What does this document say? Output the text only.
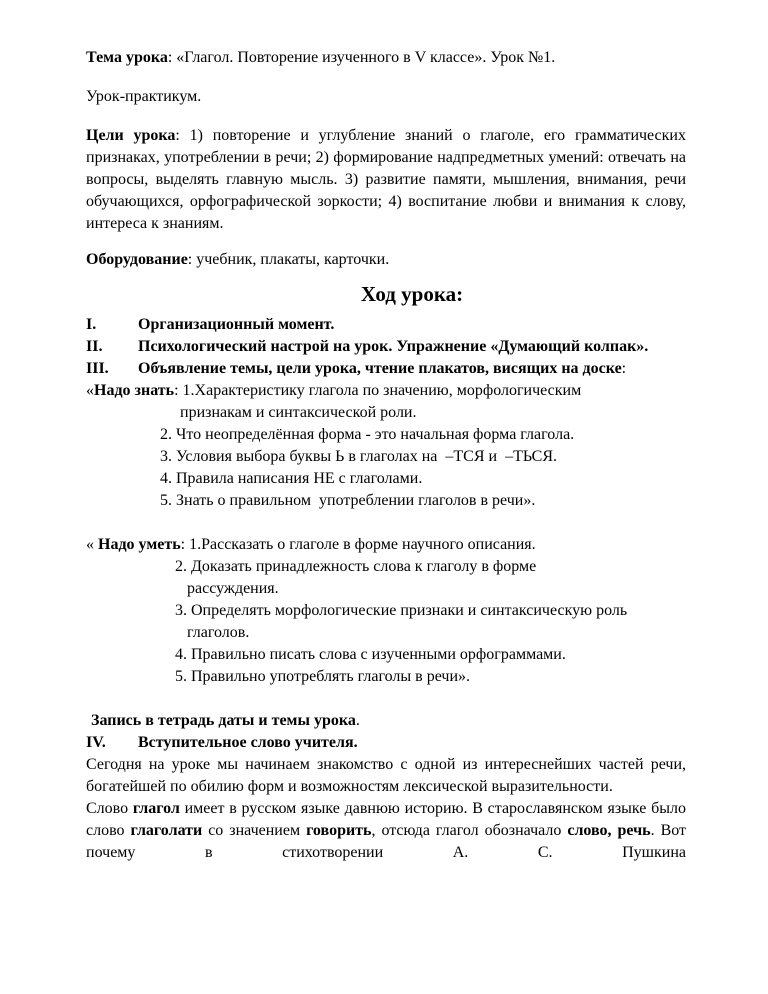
Тема урока: «Глагол. Повторение изученного в V классе». Урок №1.

Урок-практикум.

Цели урока: 1) повторение и углубление знаний о глаголе, его грамматических признаках, употреблении в речи; 2) формирование надпредметных умений: отвечать на вопросы, выделять главную мысль. 3) развитие памяти, мышления, внимания, речи обучающихся, орфографической зоркости; 4) воспитание любви и внимания к слову, интереса к знаниям.

Оборудование: учебник, плакаты, карточки.

Ход урока:
I.	Организационный момент.
II. Психологический настрой на урок. Упражнение «Думающий колпак».
III. Объявление темы, цели урока, чтение плакатов, висящих на доске:
«Надо знать: 1.Характеристику глагола по значению, морфологическим
признакам и синтаксической роли.
2. Что неопределённая форма - это начальная форма глагола.
3. Условия выбора буквы Ь в глаголах на  –ТСЯ и  –ТЬСЯ.
4. Правила написания НЕ с глаголами.
5. Знать о правильном  употреблении глаголов в речи».
« Надо уметь: 1.Рассказать о глаголе в форме научного описания.
2. Доказать принадлежность слова к глаголу в форме
рассуждения.
3. Определять морфологические признаки и синтаксическую роль
глаголов.
4. Правильно писать слова с изученными орфограммами.
5. Правильно употреблять глаголы в речи».
Запись в тетрадь даты и темы урока.
IV. Вступительное слово учителя.

Сегодня на уроке мы начинаем знакомство с одной из интереснейших частей речи, богатейшей по обилию форм и возможностям лексической выразительности.

Слово глагол имеет в русском языке давнюю историю. В старославянском языке было слово глаголати со значением говорить, отсюда глагол обозначало слово, речь. Вот почему в стихотворении А. С. Пушкина
